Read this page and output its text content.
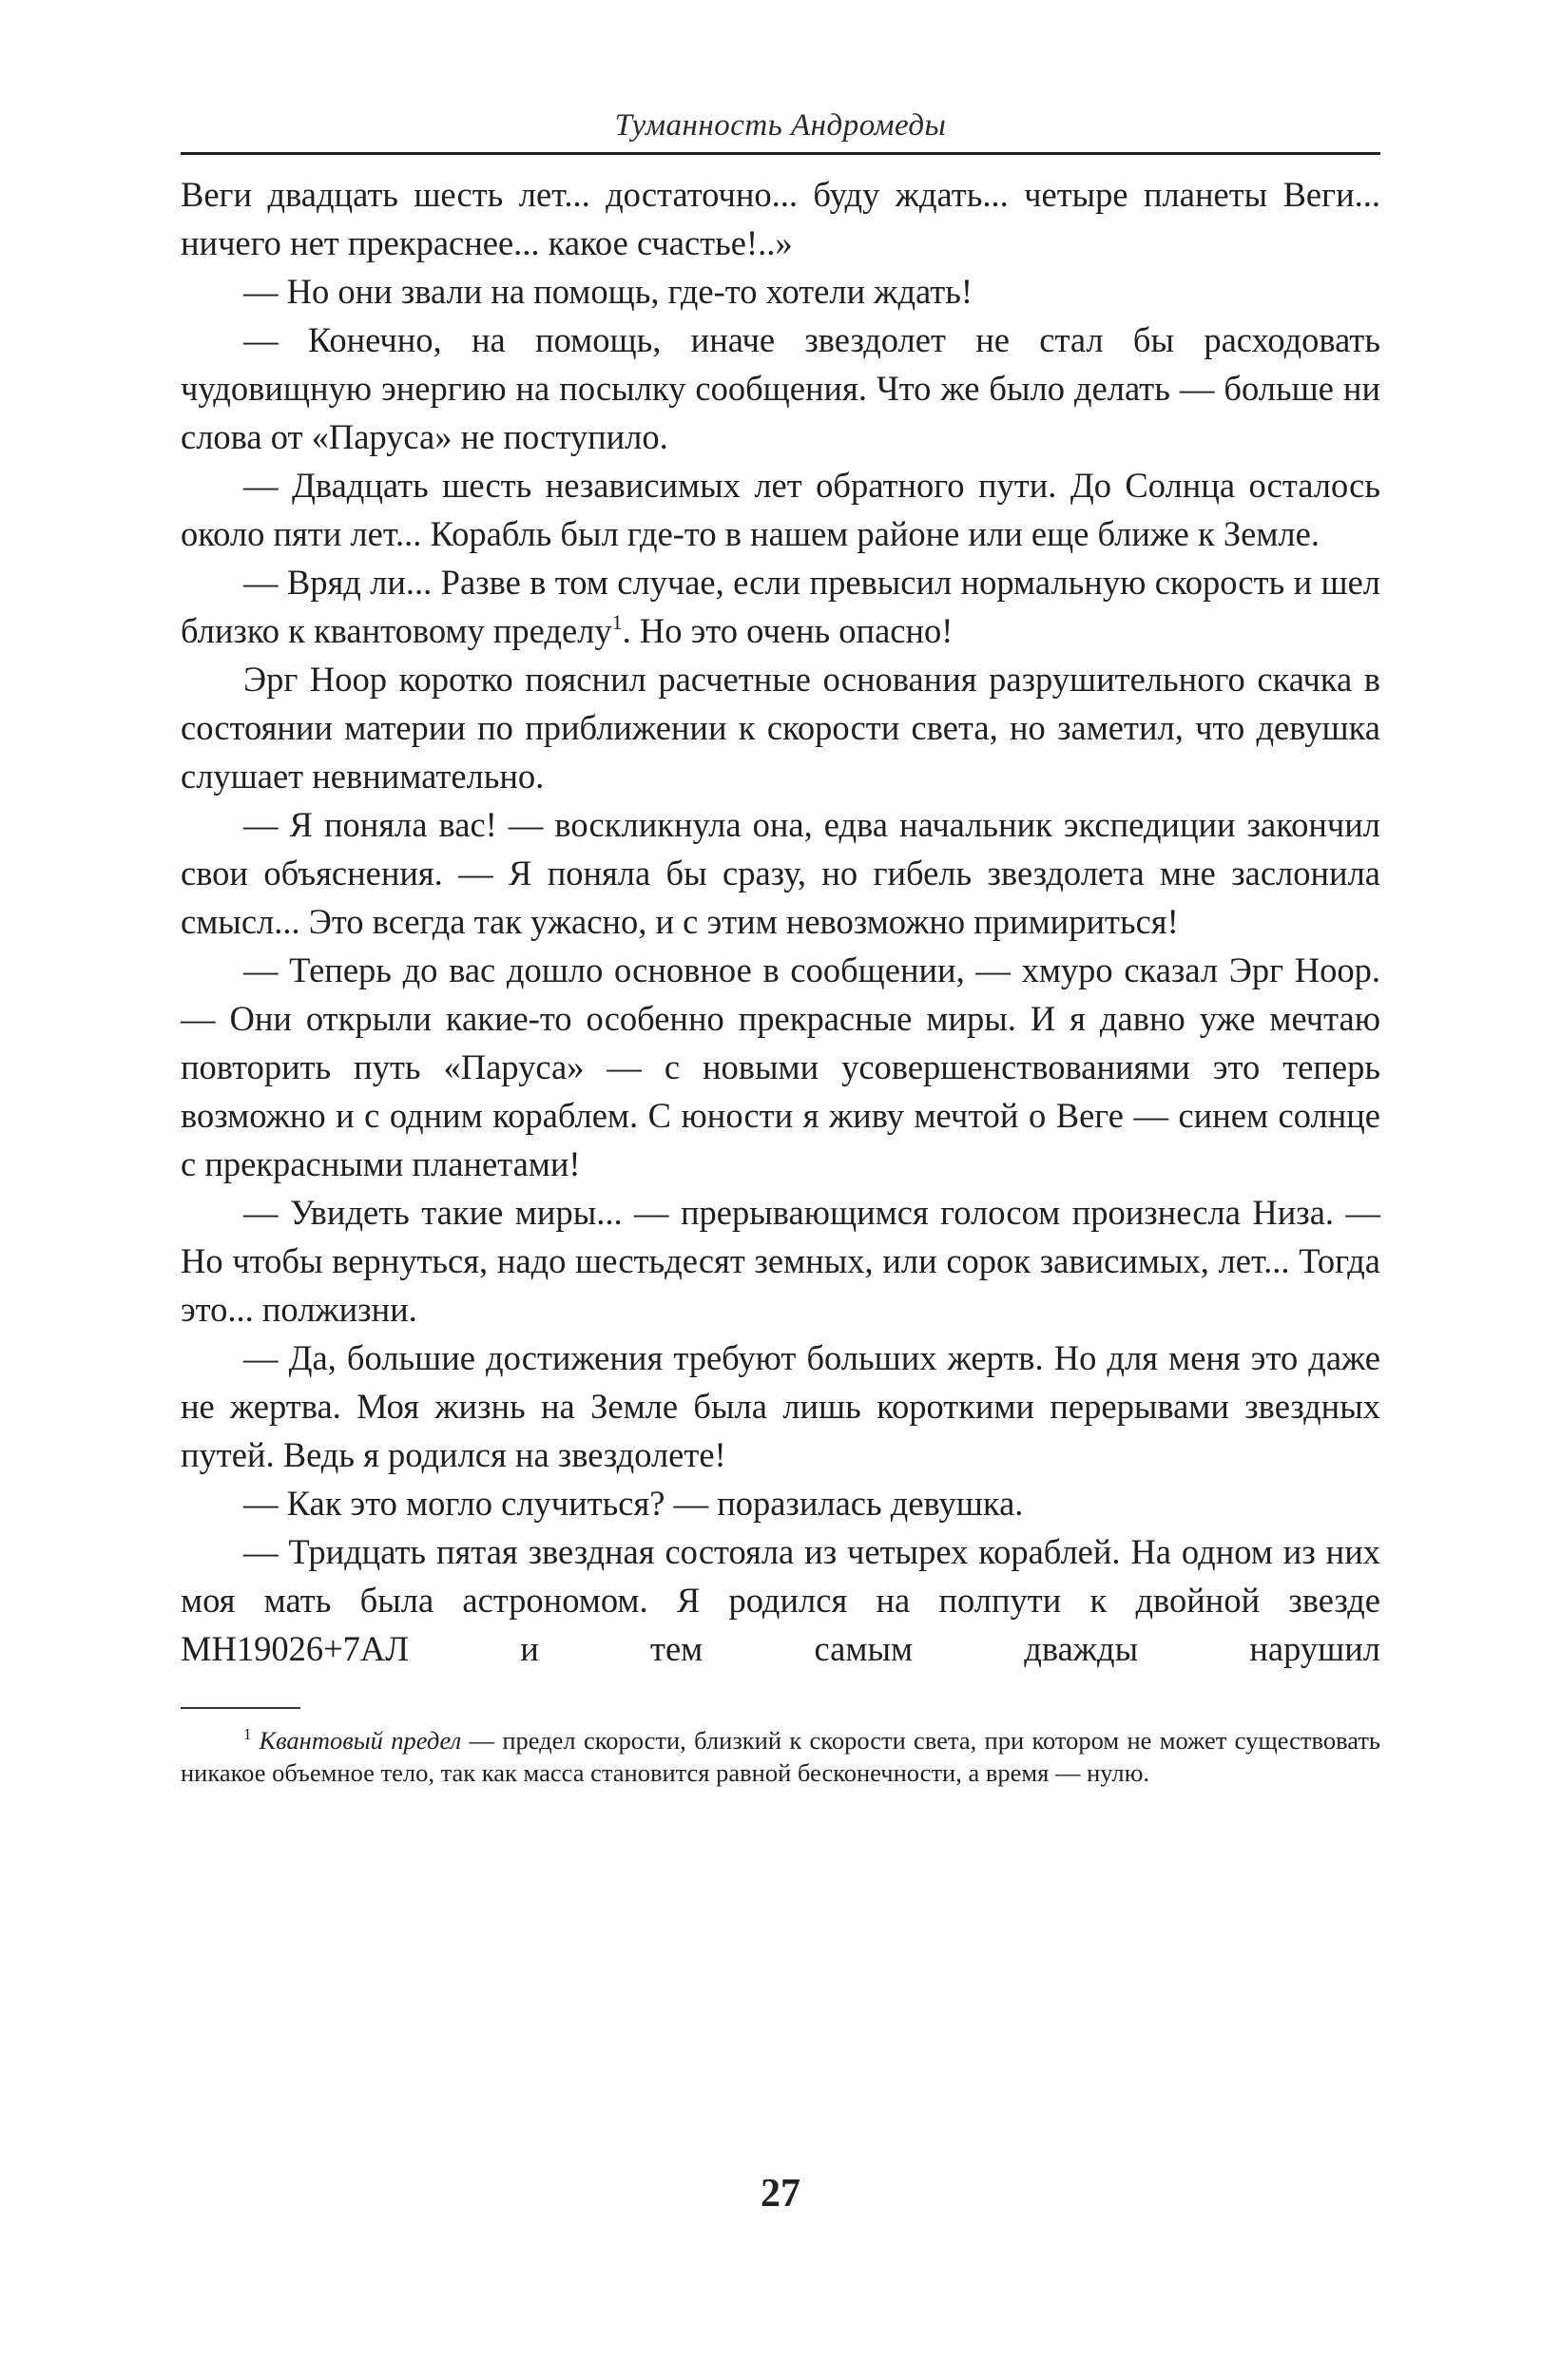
Туманность Андромеды

Веги двадцать шесть лет... достаточно... буду ждать... четыре планеты Веги... ничего нет прекраснее... какое счастье!..»

— Но они звали на помощь, где-то хотели ждать!

— Конечно, на помощь, иначе звездолет не стал бы расходовать чудовищную энергию на посылку сообщения. Что же было делать — больше ни слова от «Паруса» не поступило.

— Двадцать шесть независимых лет обратного пути. До Солнца осталось около пяти лет... Корабль был где-то в нашем районе или еще ближе к Земле.

— Вряд ли... Разве в том случае, если превысил нормальную скорость и шел близко к квантовому пределу$^1$. Но это очень опасно!

Эрг Ноор коротко пояснил расчетные основания разрушительного скачка в состоянии материи по приближении к скорости света, но заметил, что девушка слушает невнимательно.

— Я поняла вас! — воскликнула она, едва начальник экспедиции закончил свои объяснения. — Я поняла бы сразу, но гибель звездолета мне заслонила смысл... Это всегда так ужасно, и с этим невозможно примириться!

— Теперь до вас дошло основное в сообщении, — хмуро сказал Эрг Ноор. — Они открыли какие-то особенно прекрасные миры. И я давно уже мечтаю повторить путь «Паруса» — с новыми усовершенствованиями это теперь возможно и с одним кораблем. С юности я живу мечтой о Веге — синем солнце с прекрасными планетами!

— Увидеть такие миры... — прерывающимся голосом произнесла Низа. — Но чтобы вернуться, надо шестьдесят земных, или сорок зависимых, лет... Тогда это... полжизни.

— Да, большие достижения требуют больших жертв. Но для меня это даже не жертва. Моя жизнь на Земле была лишь короткими перерывами звездных путей. Ведь я родился на звездолете!

— Как это могло случиться? — поразилась девушка.

— Тридцать пятая звездная состояла из четырех кораблей. На одном из них моя мать была астрономом. Я родился на полпути к двойной звезде МН19026+7АЛ и тем самым дважды нарушил

$^1$ Квантовый предел — предел скорости, близкий к скорости света, при котором не может существовать никакое объемное тело, так как масса становится равной бесконечности, а время — нулю.
27
